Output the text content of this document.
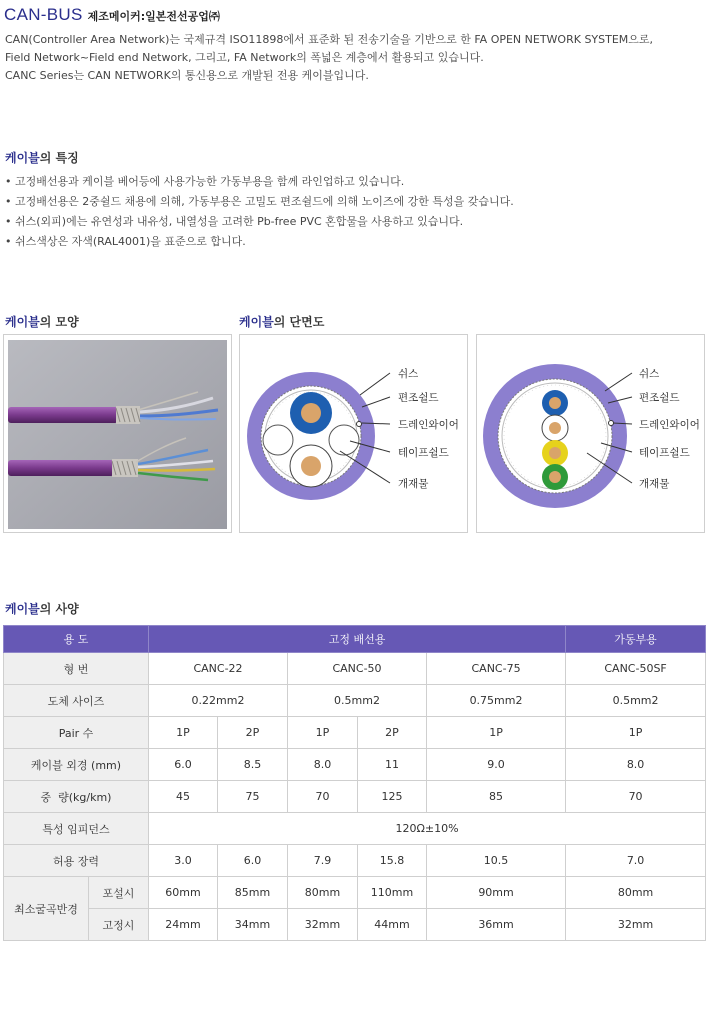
CAN-BUS 제조메이커:일본전선공업㈜
CAN(Controller Area Network)는 국제규격 ISO11898에서 표준화 된 전송기술을 기반으로 한 FA OPEN NETWORK SYSTEM으로,
Field Network~Field end Network, 그리고, FA Network의 폭넓은 계층에서 활용되고 있습니다.
CANC Series는 CAN NETWORK의 통신용으로 개발된 전용 케이블입니다.
케이블의 특징
• 고정배선용과 케이블 베어등에 사용가능한 가동부용을 함께 라인업하고 있습니다.
• 고정배선용은 2중쉴드 채용에 의해, 가동부용은 고밀도 편조쉴드에 의해 노이즈에 강한 특성을 갖습니다.
• 쉬스(외피)에는 유연성과 내유성, 내열성을 고려한 Pb-free PVC 혼합물을 사용하고 있습니다.
• 쉬스색상은 자색(RAL4001)을 표준으로 합니다.
케이블의 모양	케이블의 단면도
쉬스
편조쉴드
드레인와이어
테이프쉴드
개재물
쉬스
편조쉴드
드레인와이어
테이프쉴드
개재물
케이블의 사양
용 도		고정 배선용					가동부용
형 번		CANC-22		CANC-50		CANC-75	CANC-50SF
도체 사이즈		0.22mm2		0.5mm2		0.75mm2	0.5mm2
Pair 수		1P	2P	1P	2P	1P	1P
케이블 외경 (mm)		6.0	8.5	8.0	11	9.0	8.0
중  량(kg/km)		45	75	70	125	85	70
특성 임피던스		120Ω±10%					
허용 장력		3.0	6.0	7.9	15.8	10.5	7.0
최소굴곡반경	포설시	60mm	85mm	80mm	110mm	90mm	80mm
	고정시	24mm	34mm	32mm	44mm	36mm	32mm
